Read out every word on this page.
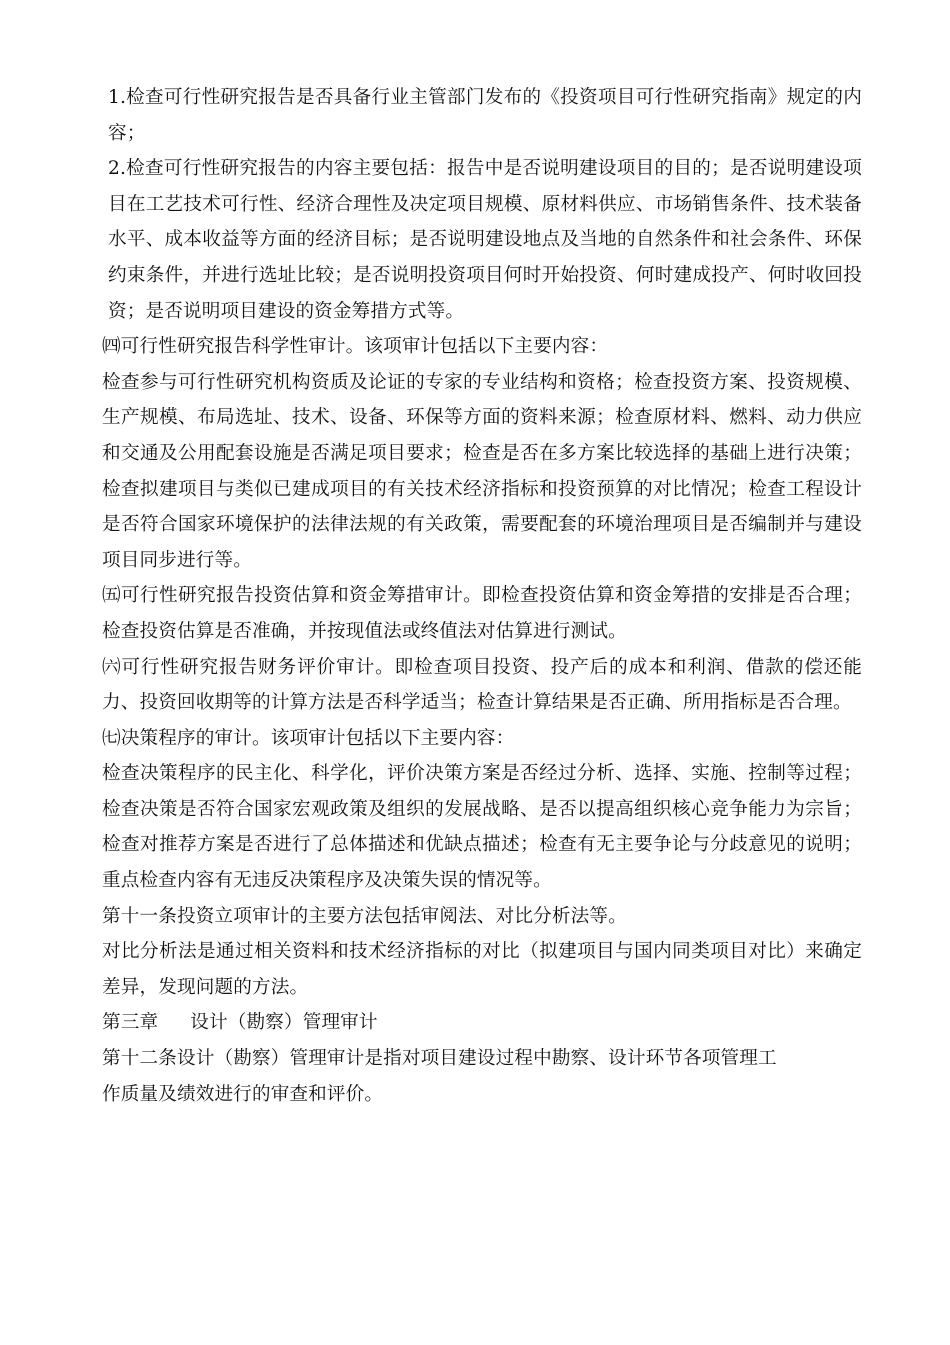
1.检查可行性研究报告是否具备行业主管部门发布的《投资项目可行性研究指南》规定的内容；

2.检查可行性研究报告的内容主要包括：报告中是否说明建设项目的目的；是否说明建设项目在工艺技术可行性、经济合理性及决定项目规模、原材料供应、市场销售条件、技术装备水平、成本收益等方面的经济目标；是否说明建设地点及当地的自然条件和社会条件、环保约束条件，并进行选址比较；是否说明投资项目何时开始投资、何时建成投产、何时收回投资；是否说明项目建设的资金筹措方式等。

㈣可行性研究报告科学性审计。该项审计包括以下主要内容：

检查参与可行性研究机构资质及论证的专家的专业结构和资格；检查投资方案、投资规模、生产规模、布局选址、技术、设备、环保等方面的资料来源；检查原材料、燃料、动力供应和交通及公用配套设施是否满足项目要求；检查是否在多方案比较选择的基础上进行决策；检查拟建项目与类似已建成项目的有关技术经济指标和投资预算的对比情况；检查工程设计是否符合国家环境保护的法律法规的有关政策，需要配套的环境治理项目是否编制并与建设项目同步进行等。

㈤可行性研究报告投资估算和资金筹措审计。即检查投资估算和资金筹措的安排是否合理；检查投资估算是否准确，并按现值法或终值法对估算进行测试。

㈥可行性研究报告财务评价审计。即检查项目投资、投产后的成本和利润、借款的偿还能力、投资回收期等的计算方法是否科学适当；检查计算结果是否正确、所用指标是否合理。

㈦决策程序的审计。该项审计包括以下主要内容：

检查决策程序的民主化、科学化，评价决策方案是否经过分析、选择、实施、控制等过程；检查决策是否符合国家宏观政策及组织的发展战略、是否以提高组织核心竞争能力为宗旨；检查对推荐方案是否进行了总体描述和优缺点描述；检查有无主要争论与分歧意见的说明；重点检查内容有无违反决策程序及决策失误的情况等。

第十一条投资立项审计的主要方法包括审阅法、对比分析法等。

对比分析法是通过相关资料和技术经济指标的对比（拟建项目与国内同类项目对比）来确定差异，发现问题的方法。

第三章 设计（勘察）管理审计

第十二条设计（勘察）管理审计是指对项目建设过程中勘察、设计环节各项管理工
作质量及绩效进行的审查和评价。
